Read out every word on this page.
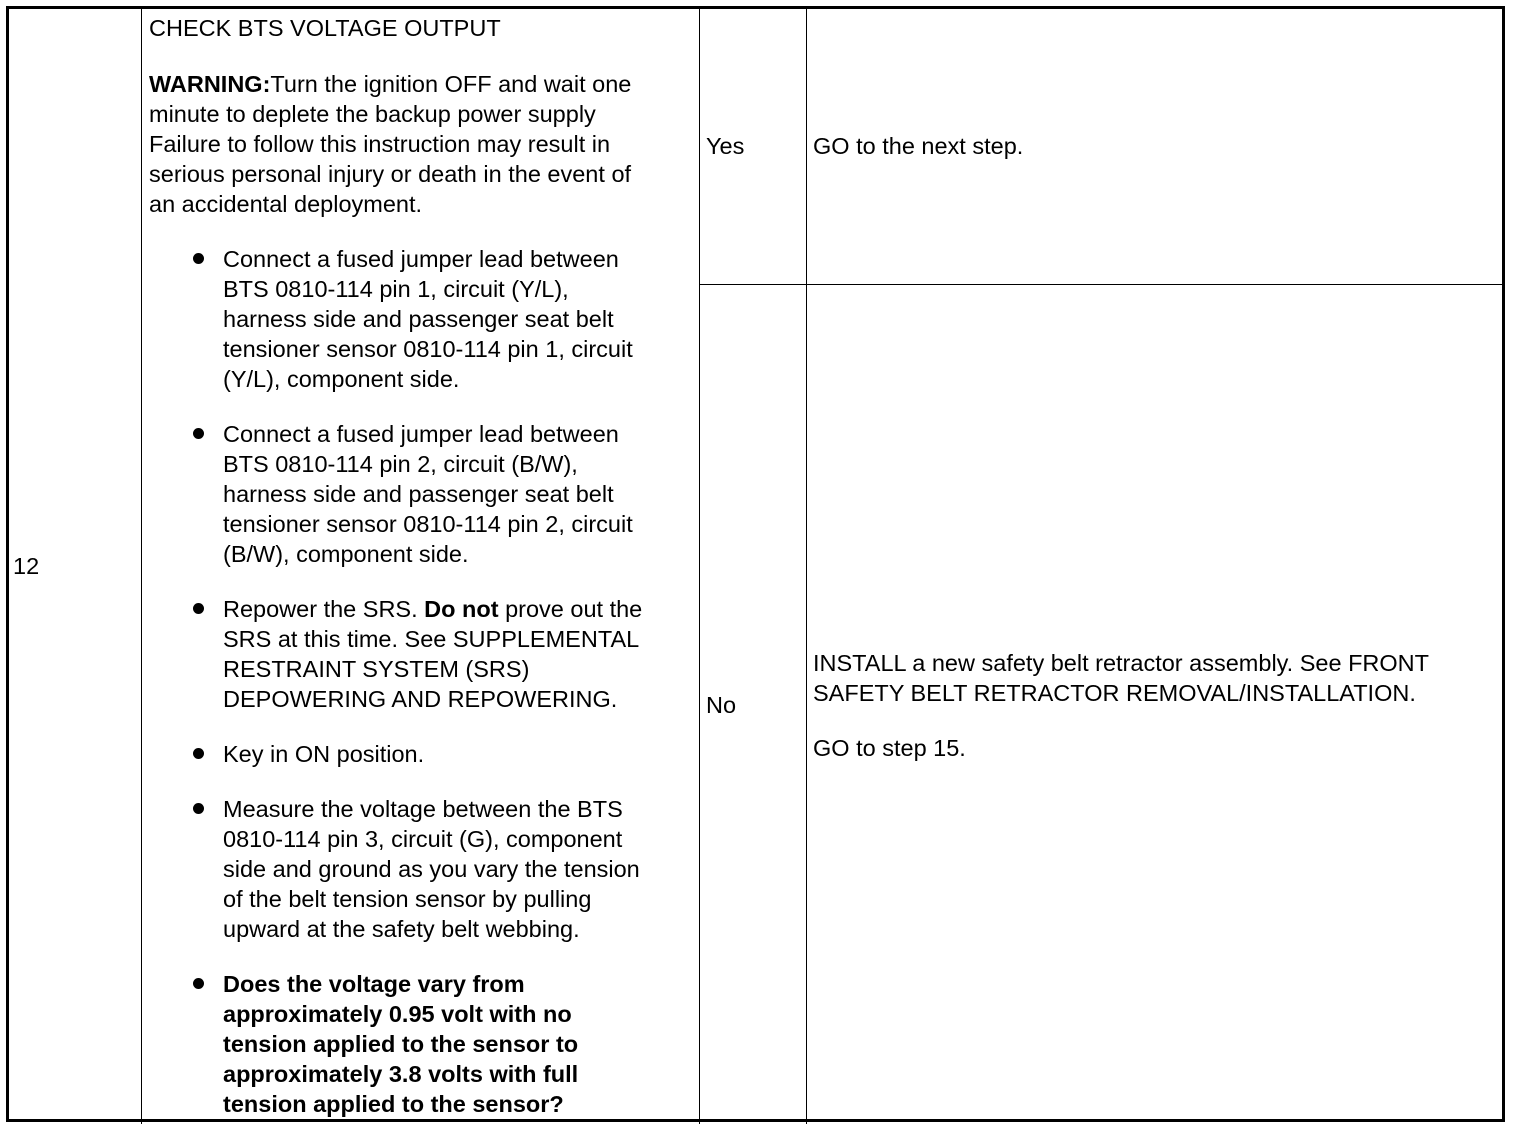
12
CHECK BTS VOLTAGE OUTPUT
WARNING:Turn the ignition OFF and wait one
minute to deplete the backup power supply
Failure to follow this instruction may result in
serious personal injury or death in the event of
an accidental deployment.
Connect a fused jumper lead between
BTS 0810-114 pin 1, circuit (Y/L),
harness side and passenger seat belt
tensioner sensor 0810-114 pin 1, circuit
(Y/L), component side.
Connect a fused jumper lead between
BTS 0810-114 pin 2, circuit (B/W),
harness side and passenger seat belt
tensioner sensor 0810-114 pin 2, circuit
(B/W), component side.
Repower the SRS. Do not prove out the
SRS at this time. See SUPPLEMENTAL
RESTRAINT SYSTEM (SRS)
DEPOWERING AND REPOWERING.
Key in ON position.
Measure the voltage between the BTS
0810-114 pin 3, circuit (G), component
side and ground as you vary the tension
of the belt tension sensor by pulling
upward at the safety belt webbing.
Does the voltage vary from
approximately 0.95 volt with no
tension applied to the sensor to
approximately 3.8 volts with full
tension applied to the sensor?
Yes
No
GO to the next step.
INSTALL a new safety belt retractor assembly. See FRONT
SAFETY BELT RETRACTOR REMOVAL/INSTALLATION.
GO to step 15.
